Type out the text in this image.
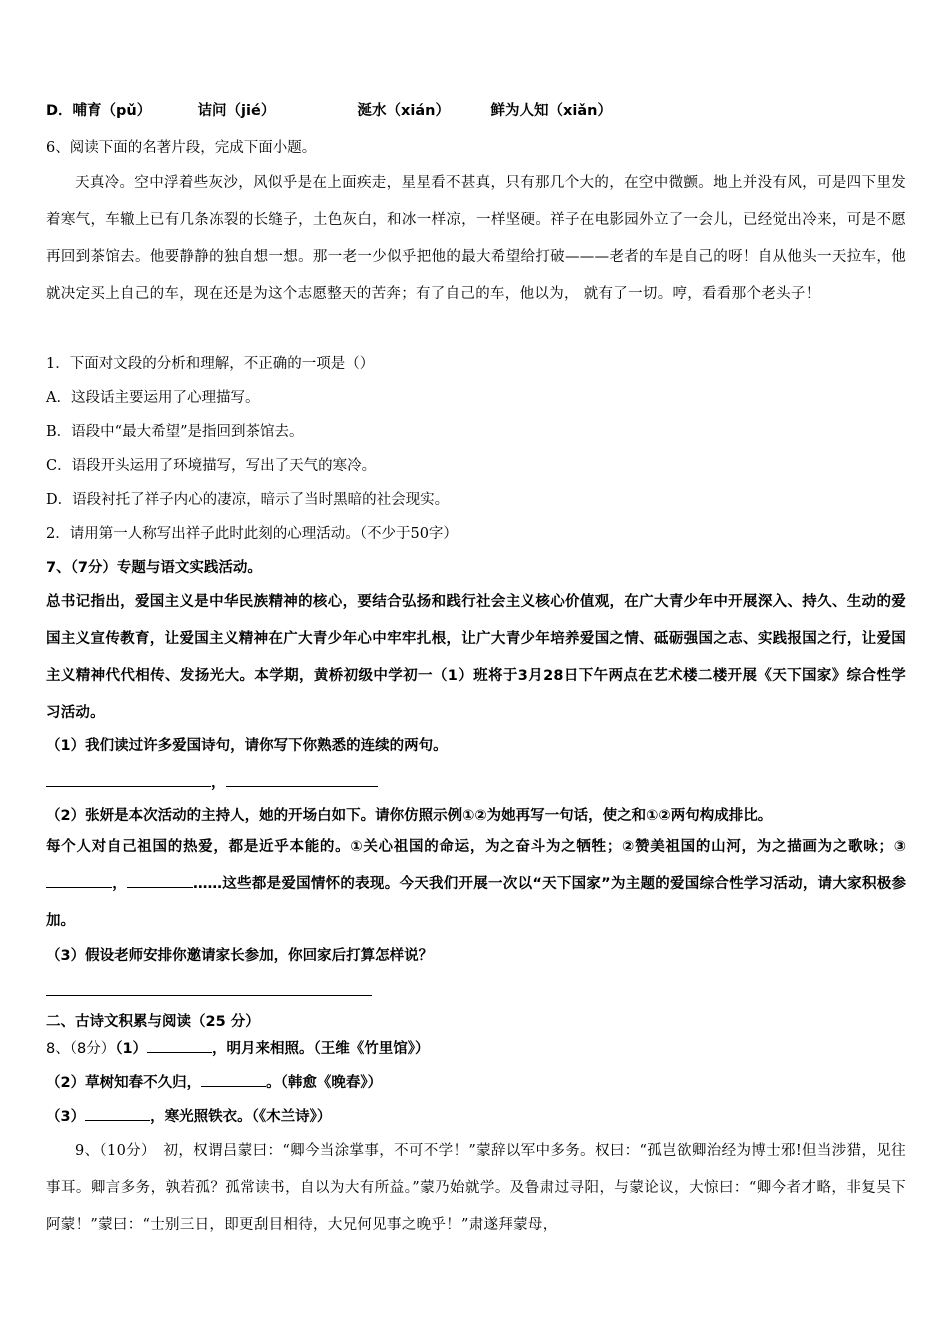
D．哺育（pǔ）	诘问（jié）	涎水（xián）	鲜为人知（xiǎn）
6、阅读下面的名著片段，完成下面小题。
天真冷。空中浮着些灰沙，风似乎是在上面疾走，星星看不甚真，只有那几个大的，在空中微颤。地上并没有风，可是四下里发着寒气，车辙上已有几条冻裂的长缝子，土色灰白，和冰一样凉，一样坚硬。祥子在电影园外立了一会儿，已经觉出冷来，可是不愿再回到茶馆去。他要静静的独自想一想。那一老一少似乎把他的最大希望给打破———老者的车是自己的呀！自从他头一天拉车，他就决定买上自己的车，现在还是为这个志愿整天的苦奔；有了自己的车，他以为， 就有了一切。哼，看看那个老头子！
1．下面对文段的分析和理解，不正确的一项是（）
A．这段话主要运用了心理描写。
B．语段中“最大希望”是指回到茶馆去。
C．语段开头运用了环境描写，写出了天气的寒冷。
D．语段衬托了祥子内心的凄凉，暗示了当时黑暗的社会现实。
2．请用第一人称写出祥子此时此刻的心理活动。（不少于50字）
7、（7分）专题与语文实践活动。
总书记指出，爱国主义是中华民族精神的核心，要结合弘扬和践行社会主义核心价值观，在广大青少年中开展深入、持久、生动的爱国主义宣传教育，让爱国主义精神在广大青少年心中牢牢扎根，让广大青少年培养爱国之情、砥砺强国之志、实践报国之行，让爱国主义精神代代相传、发扬光大。本学期，黄桥初级中学初一（1）班将于3月28日下午两点在艺术楼二楼开展《天下国家》综合性学习活动。
（1）我们读过许多爱国诗句，请你写下你熟悉的连续的两句。
，
（2）张妍是本次活动的主持人，她的开场白如下。请你仿照示例①②为她再写一句话，使之和①②两句构成排比。
每个人对自己祖国的热爱，都是近乎本能的。①关心祖国的命运，为之奋斗为之牺牲；②赞美祖国的山河，为之描画为之歌咏；③，	……这些都是爱国情怀的表现。今天我们开展一次以“天下国家”为主题的爱国综合性学习活动，请大家积极参加。
（3）假设老师安排你邀请家长参加，你回家后打算怎样说？
二、古诗文积累与阅读（25 分）
8、（8分）（1）	，明月来相照。（王维《竹里馆》）
（2）草树知春不久归，	。（韩愈《晚春》）
（3）	，寒光照铁衣。（《木兰诗》）
9、（10分）　初，权谓吕蒙曰：“卿今当涂掌事，不可不学！”蒙辞以军中多务。权曰：“孤岂欲卿治经为博士邪!但当涉猎，见往事耳。卿言多务，孰若孤？孤常读书，自以为大有所益。”蒙乃始就学。及鲁肃过寻阳，与蒙论议，大惊曰：“卿今者才略，非复吴下阿蒙！”蒙曰：“士别三日，即更刮目相待，大兄何见事之晚乎！”肃遂拜蒙母，
